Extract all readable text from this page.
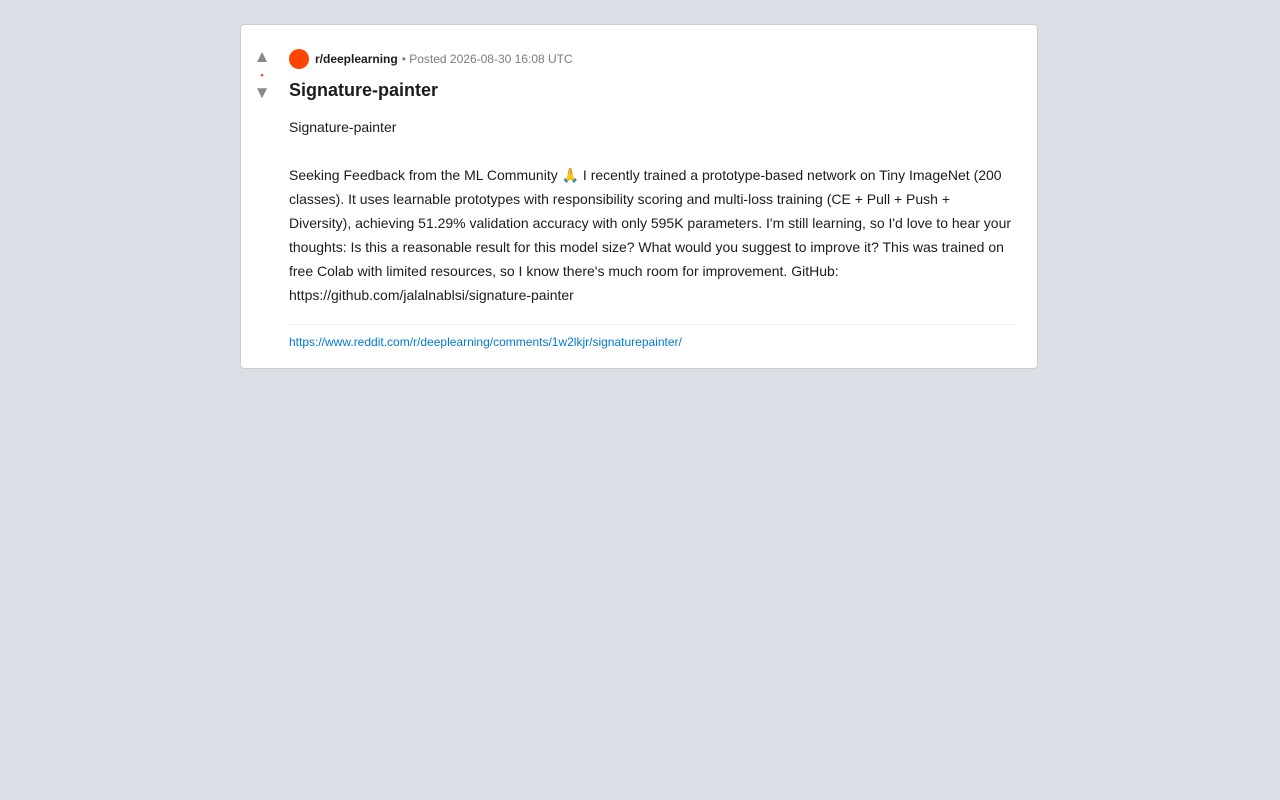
▲
•
▼
r/deeplearning • Posted 2026-08-30 16:08 UTC
Signature-painter

Signature-painter

Seeking Feedback from the ML Community 🙏 I recently trained a prototype-based network on Tiny ImageNet (200 classes). It uses learnable prototypes with responsibility scoring and multi-loss training (CE + Pull + Push + Diversity), achieving 51.29% validation accuracy with only 595K parameters. I'm still learning, so I'd love to hear your thoughts: Is this a reasonable result for this model size? What would you suggest to improve it? This was trained on free Colab with limited resources, so I know there's much room for improvement. GitHub: https://github.com/jalalnablsi/signature-painter

https://www.reddit.com/r/deeplearning/comments/1w2lkjr/signaturepainter/
